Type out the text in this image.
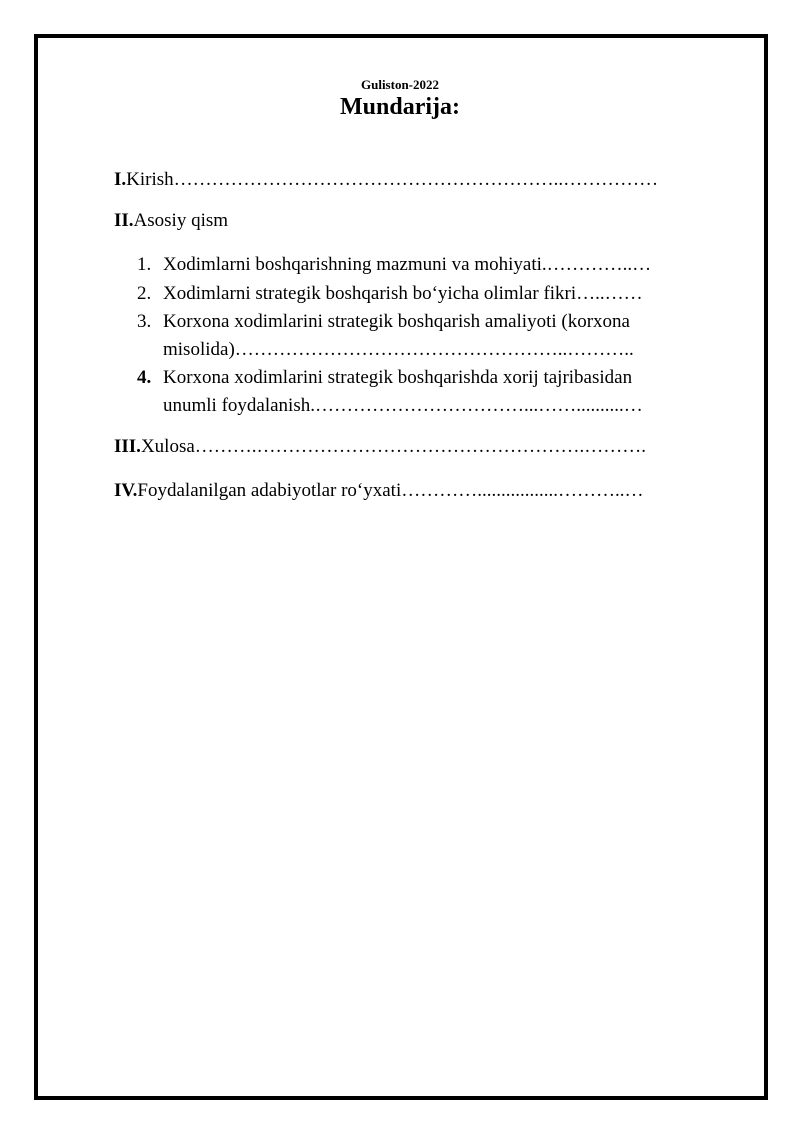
Guliston-2022
Mundarija:
I.Kirish……………………………………………………..……………
II.Asosiy qism
1. Xodimlarni boshqarishning mazmuni va mohiyati.…………..…
2. Xodimlarni strategik boshqarish bo‘yicha olimlar fikri…..……
3. Korxona xodimlarini strategik boshqarish amaliyoti (korxona
misolida)……………………………………………..………..
4. Korxona xodimlarini strategik boshqarishda xorij tajribasidan
unumli foydalanish.……………………………...……..........…
III.Xulosa……….…………………………………………….……….
IV.Foydalanilgan adabiyotlar ro‘yxati………….................………..…
